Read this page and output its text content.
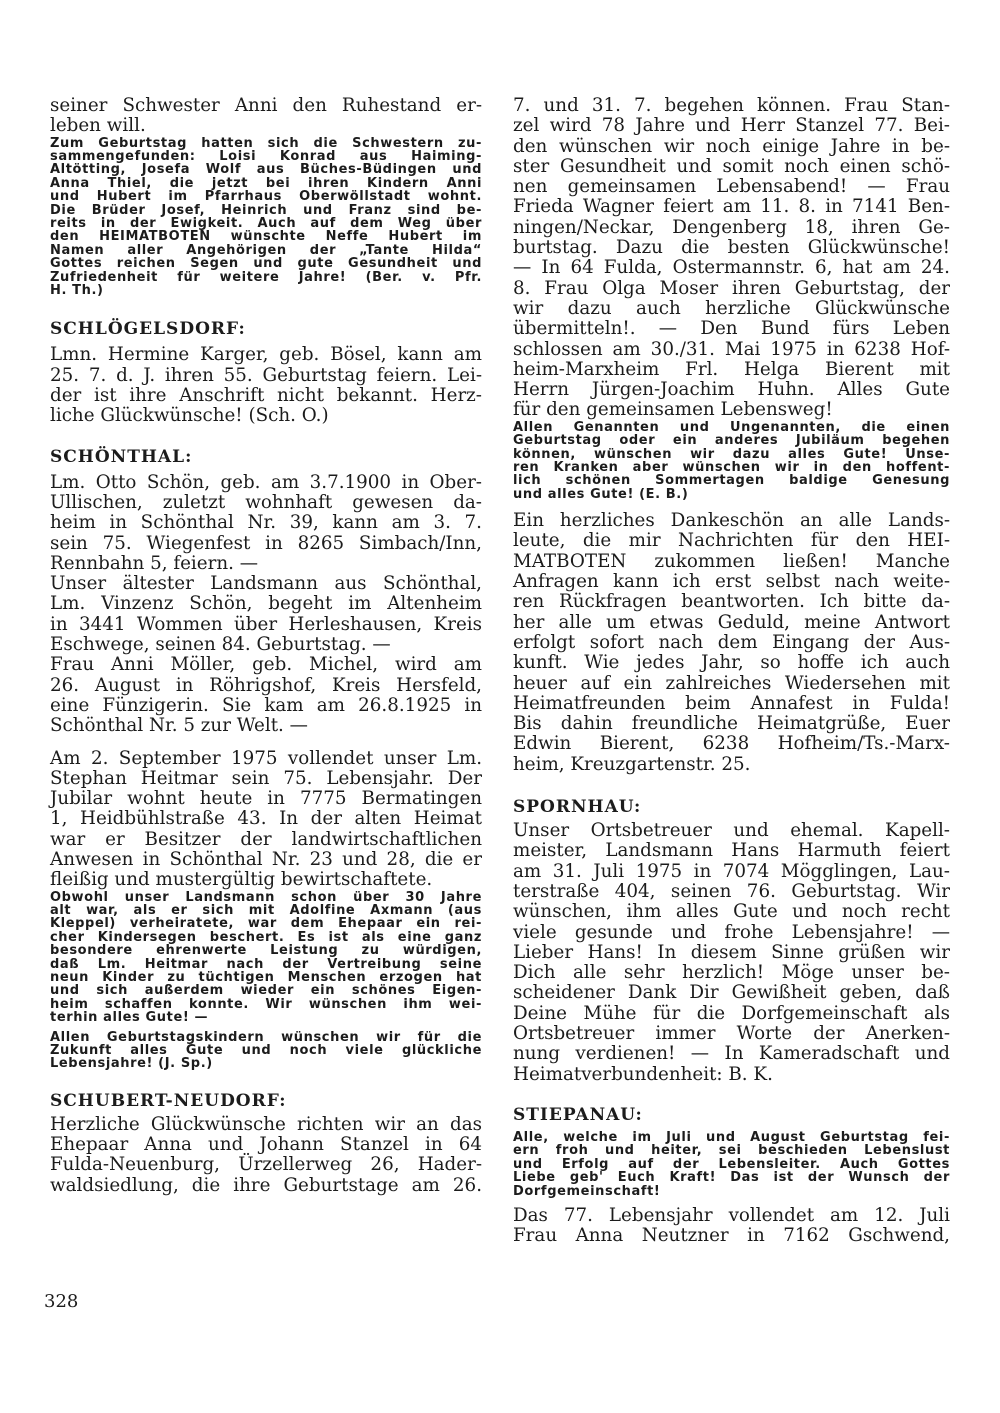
seiner Schwester Anni den Ruhestand er-
leben will.
Zum Geburtstag hatten sich die Schwestern zu-
sammengefunden: Loisi Konrad aus Haiming-
Altötting, Josefa Wolf aus Büches-Büdingen und
Anna Thiel, die jetzt bei ihren Kindern Anni
und Hubert im Pfarrhaus Oberwöllstadt wohnt.
Die Brüder Josef, Heinrich und Franz sind be-
reits in der Ewigkeit. Auch auf dem Weg über
den HEIMATBOTEN wünschte Neffe Hubert im
Namen aller Angehörigen der „Tante Hilda“
Gottes reichen Segen und gute Gesundheit und
Zufriedenheit für weitere Jahre! (Ber. v. Pfr.
H. Th.)
SCHLÖGELSDORF:
Lmn. Hermine Karger, geb. Bösel, kann am
25. 7. d. J. ihren 55. Geburtstag feiern. Lei-
der ist ihre Anschrift nicht bekannt. Herz-
liche Glückwünsche! (Sch. O.)
SCHÖNTHAL:
Lm. Otto Schön, geb. am 3.7.1900 in Ober-
Ullischen, zuletzt wohnhaft gewesen da-
heim in Schönthal Nr. 39, kann am 3. 7.
sein 75. Wiegenfest in 8265 Simbach/Inn,
Rennbahn 5, feiern. —
Unser ältester Landsmann aus Schönthal,
Lm. Vinzenz Schön, begeht im Altenheim
in 3441 Wommen über Herleshausen, Kreis
Eschwege, seinen 84. Geburtstag. —
Frau Anni Möller, geb. Michel, wird am
26. August in Röhrigshof, Kreis Hersfeld,
eine Fünzigerin. Sie kam am 26.8.1925 in
Schönthal Nr. 5 zur Welt. —
Am 2. September 1975 vollendet unser Lm.
Stephan Heitmar sein 75. Lebensjahr. Der
Jubilar wohnt heute in 7775 Bermatingen
1, Heidbühlstraße 43. In der alten Heimat
war er Besitzer der landwirtschaftlichen
Anwesen in Schönthal Nr. 23 und 28, die er
fleißig und mustergültig bewirtschaftete.
Obwohl unser Landsmann schon über 30 Jahre
alt war, als er sich mit Adolfine Axmann (aus
Kleppel) verheiratete, war dem Ehepaar ein rei-
cher Kindersegen beschert. Es ist als eine ganz
besondere ehrenwerte Leistung zu würdigen,
daß Lm. Heitmar nach der Vertreibung seine
neun Kinder zu tüchtigen Menschen erzogen hat
und sich außerdem wieder ein schönes Eigen-
heim schaffen konnte. Wir wünschen ihm wei-
terhin alles Gute! —
Allen Geburtstagskindern wünschen wir für die
Zukunft alles Gute und noch viele glückliche
Lebensjahre! (J. Sp.)
SCHUBERT-NEUDORF:
Herzliche Glückwünsche richten wir an das
Ehepaar Anna und Johann Stanzel in 64
Fulda-Neuenburg, Ürzellerweg 26, Hader-
waldsiedlung, die ihre Geburtstage am 26.
7. und 31. 7. begehen können. Frau Stan-
zel wird 78 Jahre und Herr Stanzel 77. Bei-
den wünschen wir noch einige Jahre in be-
ster Gesundheit und somit noch einen schö-
nen gemeinsamen Lebensabend! — Frau
Frieda Wagner feiert am 11. 8. in 7141 Ben-
ningen/Neckar, Dengenberg 18, ihren Ge-
burtstag. Dazu die besten Glückwünsche!
— In 64 Fulda, Ostermannstr. 6, hat am 24.
8. Frau Olga Moser ihren Geburtstag, der
wir dazu auch herzliche Glückwünsche
übermitteln!. — Den Bund fürs Leben
schlossen am 30./31. Mai 1975 in 6238 Hof-
heim-Marxheim Frl. Helga Bierent mit
Herrn Jürgen-Joachim Huhn. Alles Gute
für den gemeinsamen Lebensweg!
Allen Genannten und Ungenannten, die einen
Geburtstag oder ein anderes Jubiläum begehen
können, wünschen wir dazu alles Gute! Unse-
ren Kranken aber wünschen wir in den hoffent-
lich schönen Sommertagen baldige Genesung
und alles Gute! (E. B.)
Ein herzliches Dankeschön an alle Lands-
leute, die mir Nachrichten für den HEI-
MATBOTEN zukommen ließen! Manche
Anfragen kann ich erst selbst nach weite-
ren Rückfragen beantworten. Ich bitte da-
her alle um etwas Geduld, meine Antwort
erfolgt sofort nach dem Eingang der Aus-
kunft. Wie jedes Jahr, so hoffe ich auch
heuer auf ein zahlreiches Wiedersehen mit
Heimatfreunden beim Annafest in Fulda!
Bis dahin freundliche Heimatgrüße, Euer
Edwin Bierent, 6238 Hofheim/Ts.-Marx-
heim, Kreuzgartenstr. 25.
SPORNHAU:
Unser Ortsbetreuer und ehemal. Kapell-
meister, Landsmann Hans Harmuth feiert
am 31. Juli 1975 in 7074 Mögglingen, Lau-
terstraße 404, seinen 76. Geburtstag. Wir
wünschen, ihm alles Gute und noch recht
viele gesunde und frohe Lebensjahre! —
Lieber Hans! In diesem Sinne grüßen wir
Dich alle sehr herzlich! Möge unser be-
scheidener Dank Dir Gewißheit geben, daß
Deine Mühe für die Dorfgemeinschaft als
Ortsbetreuer immer Worte der Anerken-
nung verdienen! — In Kameradschaft und
Heimatverbundenheit: B. K.
STIEPANAU:
Alle, welche im Juli und August Geburtstag fei-
ern froh und heiter, sei beschieden Lebenslust
und Erfolg auf der Lebensleiter. Auch Gottes
Liebe geb' Euch Kraft! Das ist der Wunsch der
Dorfgemeinschaft!
Das 77. Lebensjahr vollendet am 12. Juli
Frau Anna Neutzner in 7162 Gschwend,
328
